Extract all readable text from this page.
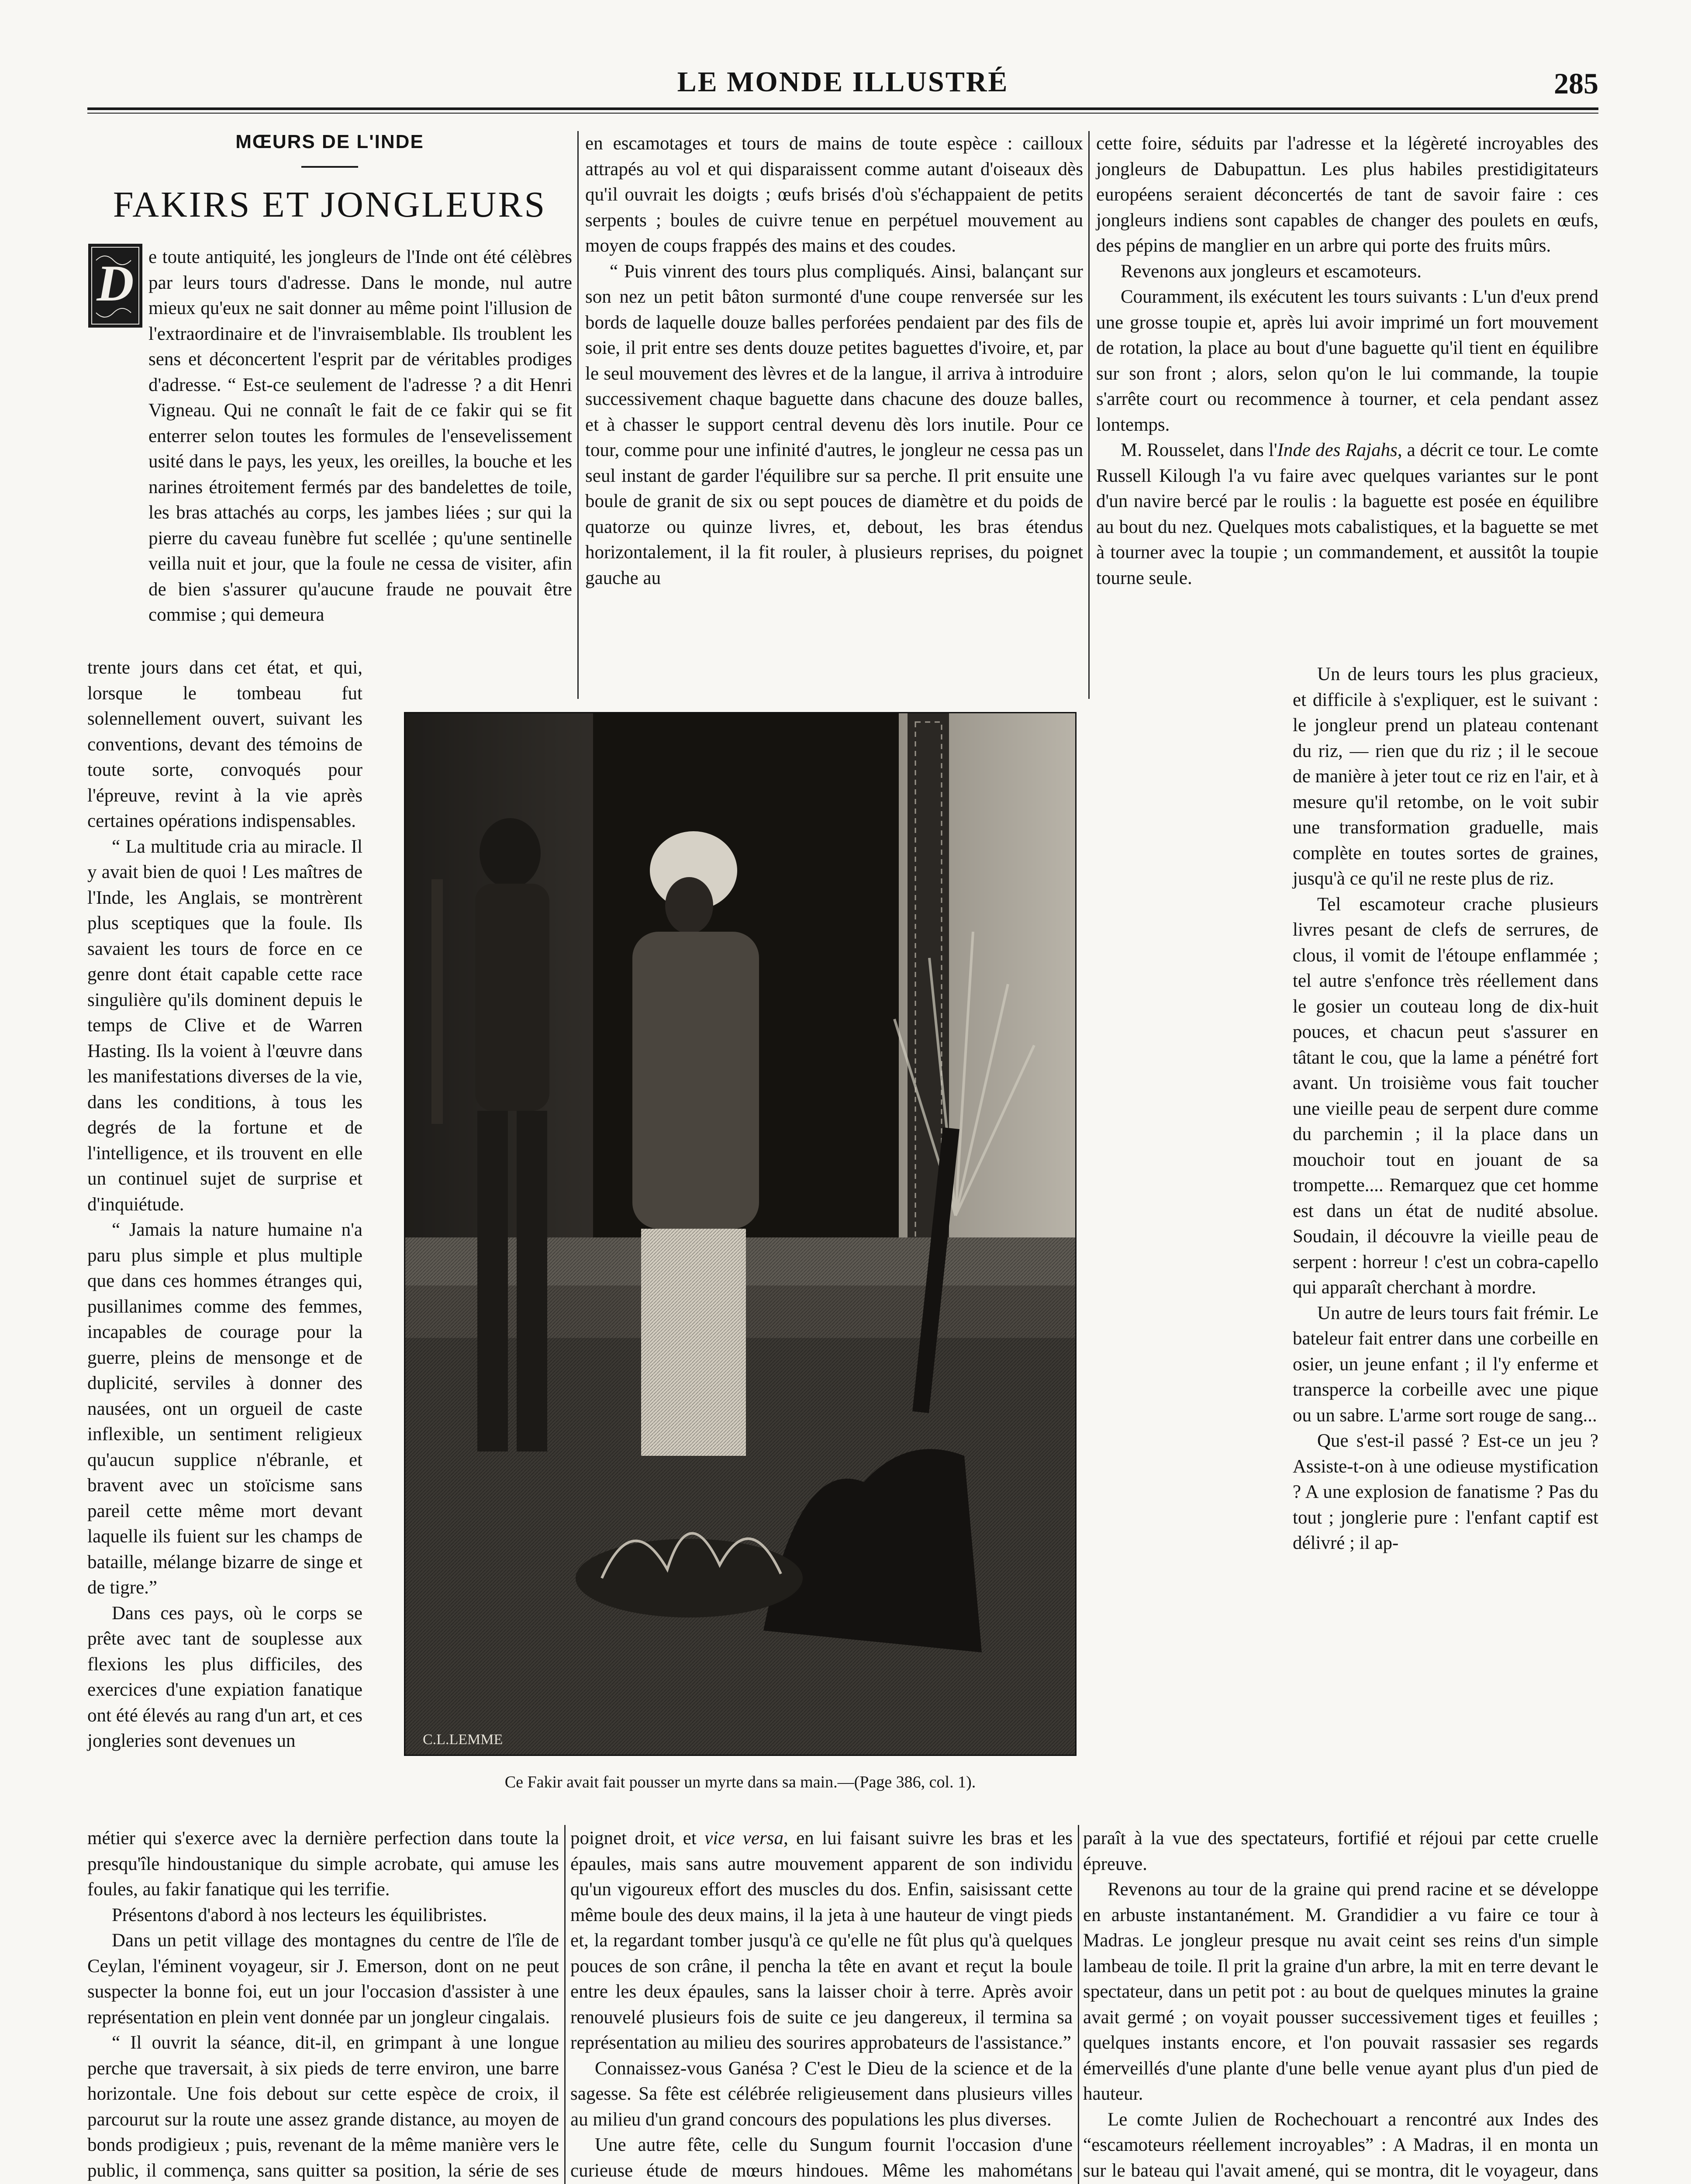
LE MONDE ILLUSTRÉ	285
MŒURS DE L'INDE
FAKIRS ET JONGLEURS
D e toute antiquité, les jongleurs de l'Inde ont été célèbres par leurs tours d'adresse. Dans le monde, nul autre mieux qu'eux ne sait donner au même point l'illusion de l'extraordinaire et de l'invraisemblable. Ils troublent les sens et déconcertent l'esprit par de véritables prodiges d'adresse. “ Est-ce seulement de l'adresse ? a dit Henri Vigneau. Qui ne connaît le fait de ce fakir qui se fit enterrer selon toutes les formules de l'ensevelissement usité dans le pays, les yeux, les oreilles, la bouche et les narines étroitement fermés par des bandelettes de toile, les bras attachés au corps, les jambes liées ; sur qui la pierre du caveau funèbre fut scellée ; qu'une sentinelle veilla nuit et jour, que la foule ne cessa de visiter, afin de bien s'assurer qu'aucune fraude ne pouvait être commise ; qui demeura

trente jours dans cet état, et qui, lorsque le tombeau fut solennellement ouvert, suivant les conventions, devant des témoins de toute sorte, convoqués pour l'épreuve, revint à la vie après certaines opérations indispensables.

“ La multitude cria au miracle. Il y avait bien de quoi ! Les maîtres de l'Inde, les Anglais, se montrèrent plus sceptiques que la foule. Ils savaient les tours de force en ce genre dont était capable cette race singulière qu'ils dominent depuis le temps de Clive et de Warren Hasting. Ils la voient à l'œuvre dans les manifestations diverses de la vie, dans les conditions, à tous les degrés de la fortune et de l'intelligence, et ils trouvent en elle un continuel sujet de surprise et d'inquiétude.

“ Jamais la nature humaine n'a paru plus simple et plus multiple que dans ces hommes étranges qui, pusillanimes comme des femmes, incapables de courage pour la guerre, pleins de mensonge et de duplicité, serviles à donner des nausées, ont un orgueil de caste inflexible, un sentiment religieux qu'aucun supplice n'ébranle, et bravent avec un stoïcisme sans pareil cette même mort devant laquelle ils fuient sur les champs de bataille, mélange bizarre de singe et de tigre.”

Dans ces pays, où le corps se prête avec tant de souplesse aux flexions les plus difficiles, des exercices d'une expiation fanatique ont été élevés au rang d'un art, et ces jongleries sont devenues un

métier qui s'exerce avec la dernière perfection dans toute la presqu'île hindoustanique du simple acrobate, qui amuse les foules, au fakir fanatique qui les terrifie.

Présentons d'abord à nos lecteurs les équilibristes.

Dans un petit village des montagnes du centre de l'île de Ceylan, l'éminent voyageur, sir J. Emerson, dont on ne peut suspecter la bonne foi, eut un jour l'occasion d'assister à une représentation en plein vent donnée par un jongleur cingalais.

“ Il ouvrit la séance, dit-il, en grimpant à une longue perche que traversait, à six pieds de terre environ, une barre horizontale. Une fois debout sur cette espèce de croix, il parcourut sur la route une assez grande distance, au moyen de bonds prodigieux ; puis, revenant de la même manière vers le public, il commença, sans quitter sa position, la série de ses

en escamotages et tours de mains de toute espèce : cailloux attrapés au vol et qui disparaissent comme autant d'oiseaux dès qu'il ouvrait les doigts ; œufs brisés d'où s'échappaient de petits serpents ; boules de cuivre tenue en perpétuel mouvement au moyen de coups frappés des mains et des coudes.

“ Puis vinrent des tours plus compliqués. Ainsi, balançant sur son nez un petit bâton surmonté d'une coupe renversée sur les bords de laquelle douze balles perforées pendaient par des fils de soie, il prit entre ses dents douze petites baguettes d'ivoire, et, par le seul mouvement des lèvres et de la langue, il arriva à introduire successivement chaque baguette dans chacune des douze balles, et à chasser le support central devenu dès lors inutile. Pour ce tour, comme pour une infinité d'autres, le jongleur ne cessa pas un seul instant de garder l'équilibre sur sa perche. Il prit ensuite une boule de granit de six ou sept pouces de diamètre et du poids de quatorze ou quinze livres, et, debout, les bras étendus horizontalement, il la fit rouler, à plusieurs reprises, du poignet gauche au

poignet droit, et vice versa, en lui faisant suivre les bras et les épaules, mais sans autre mouvement apparent de son individu qu'un vigoureux effort des muscles du dos. Enfin, saisissant cette même boule des deux mains, il la jeta à une hauteur de vingt pieds et, la regardant tomber jusqu'à ce qu'elle ne fût plus qu'à quelques pouces de son crâne, il pencha la tête en avant et reçut la boule entre les deux épaules, sans la laisser choir à terre. Après avoir renouvelé plusieurs fois de suite ce jeu dangereux, il termina sa représentation au milieu des sourires approbateurs de l'assistance.”

Connaissez-vous Ganésa ? C'est le Dieu de la science et de la sagesse. Sa fête est célébrée religieusement dans plusieurs villes au milieu d'un grand concours des populations les plus diverses.

Une autre fête, celle du Sungum fournit l'occasion d'une curieuse étude de mœurs hindoues. Même les mahométans

cette foire, séduits par l'adresse et la légèreté incroyables des jongleurs de Dabupattun. Les plus habiles prestidigitateurs européens seraient déconcertés de tant de savoir faire : ces jongleurs indiens sont capables de changer des poulets en œufs, des pépins de manglier en un arbre qui porte des fruits mûrs.

Revenons aux jongleurs et escamoteurs.

Couramment, ils exécutent les tours suivants : L'un d'eux prend une grosse toupie et, après lui avoir imprimé un fort mouvement de rotation, la place au bout d'une baguette qu'il tient en équilibre sur son front ; alors, selon qu'on le lui commande, la toupie s'arrête court ou recommence à tourner, et cela pendant assez lontemps.

M. Rousselet, dans l'Inde des Rajahs, a décrit ce tour. Le comte Russell Kilough l'a vu faire avec quelques variantes sur le pont d'un navire bercé par le roulis : la baguette est posée en équilibre au bout du nez. Quelques mots cabalistiques, et la baguette se met à tourner avec la toupie ; un commandement, et aussitôt la toupie tourne seule.

Un de leurs tours les plus gracieux, et difficile à s'expliquer, est le suivant : le jongleur prend un plateau contenant du riz, — rien que du riz ; il le secoue de manière à jeter tout ce riz en l'air, et à mesure qu'il retombe, on le voit subir une transformation graduelle, mais complète en toutes sortes de graines, jusqu'à ce qu'il ne reste plus de riz.

Tel escamoteur crache plusieurs livres pesant de clefs de serrures, de clous, il vomit de l'étoupe enflammée ; tel autre s'enfonce très réellement dans le gosier un couteau long de dix-huit pouces, et chacun peut s'assurer en tâtant le cou, que la lame a pénétré fort avant. Un troisième vous fait toucher une vieille peau de serpent dure comme du parchemin ; il la place dans un mouchoir tout en jouant de sa trompette.... Remarquez que cet homme est dans un état de nudité absolue. Soudain, il découvre la vieille peau de serpent : horreur ! c'est un cobra-capello qui apparaît cherchant à mordre.

Un autre de leurs tours fait frémir. Le bateleur fait entrer dans une corbeille en osier, un jeune enfant ; il l'y enferme et transperce la corbeille avec une pique ou un sabre. L'arme sort rouge de sang...

Que s'est-il passé ? Est-ce un jeu ? Assiste-t-on à une odieuse mystification ? A une explosion de fanatisme ? Pas du tout ; jonglerie pure : l'enfant captif est délivré ; il ap-

paraît à la vue des spectateurs, fortifié et réjoui par cette cruelle épreuve.

Revenons au tour de la graine qui prend racine et se développe en arbuste instantanément. M. Grandidier a vu faire ce tour à Madras. Le jongleur presque nu avait ceint ses reins d'un simple lambeau de toile. Il prit la graine d'un arbre, la mit en terre devant le spectateur, dans un petit pot : au bout de quelques minutes la graine avait germé ; on voyait pousser successivement tiges et feuilles ; quelques instants encore, et l'on pouvait rassasier ses regards émerveillés d'une plante d'une belle venue ayant plus d'un pied de hauteur.

Le comte Julien de Rochechouart a rencontré aux Indes des “escamoteurs réellement incroyables” : A Madras, il en monta un sur le bateau qui l'avait amené, qui se montra, dit le voyageur, dans

C.L.LEMME
Ce Fakir avait fait pousser un myrte dans sa main.—(Page 386, col. 1).
